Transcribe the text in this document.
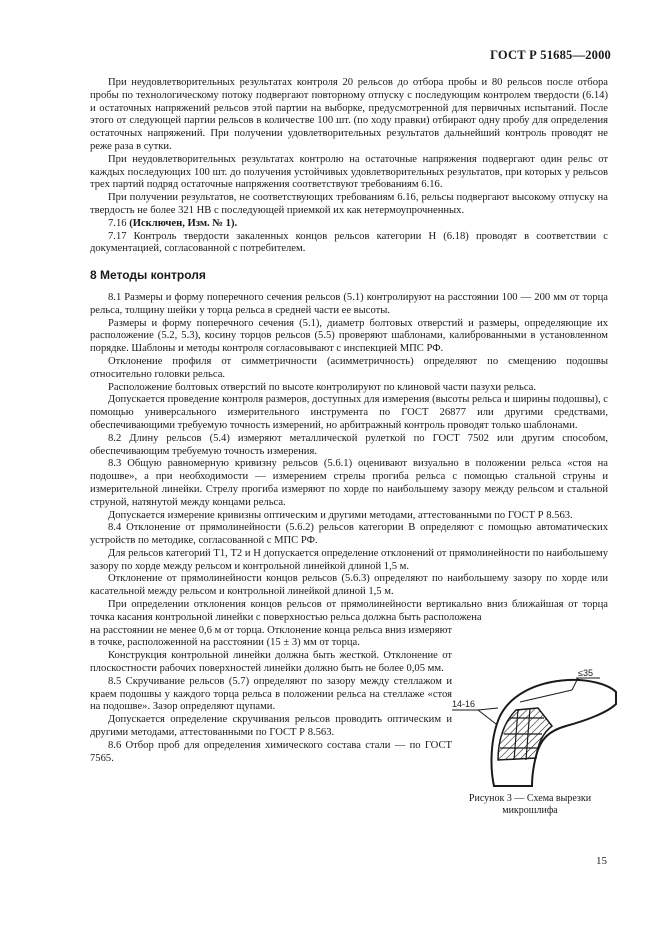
ГОСТ Р 51685—2000

При неудовлетворительных результатах контроля 20 рельсов до отбора пробы и 80 рельсов после отбора пробы по технологическому потоку подвергают повторному отпуску с последующим контролем твердости (6.14) и остаточных напряжений рельсов этой партии на выборке, предусмотренной для первичных испытаний. После этого от следующей партии рельсов в количестве 100 шт. (по ходу правки) отбирают одну пробу для определения остаточных напряжений. При получении удовлетворительных результатов дальнейший контроль проводят не реже раза в сутки.

При неудовлетворительных результатах контролю на остаточные напряжения подвергают один рельс от каждых последующих 100 шт. до получения устойчивых удовлетворительных результатов, при которых у рельсов трех партий подряд остаточные напряжения соответствуют требованиям 6.16.

При получении результатов, не соответствующих требованиям 6.16, рельсы подвергают высокому отпуску на твердость не более 321 HB с последующей приемкой их как нетермоупрочненных.

7.16 (Исключен, Изм. № 1).

7.17 Контроль твердости закаленных концов рельсов категории Н (6.18) проводят в соответствии с документацией, согласованной с потребителем.

8 Методы контроля

8.1 Размеры и форму поперечного сечения рельсов (5.1) контролируют на расстоянии 100 — 200 мм от торца рельса, толщину шейки у торца рельса в средней части ее высоты.

Размеры и форму поперечного сечения (5.1), диаметр болтовых отверстий и размеры, определяющие их расположение (5.2, 5.3), косину торцов рельсов (5.5) проверяют шаблонами, калиброванными в установленном порядке. Шаблоны и методы контроля согласовывают с инспекцией МПС РФ.

Отклонение профиля от симметричности (асимметричность) определяют по смещению подошвы относительно головки рельса.

Расположение болтовых отверстий по высоте контролируют по клиновой части пазухи рельса.

Допускается проведение контроля размеров, доступных для измерения (высоты рельса и ширины подошвы), с помощью универсального измерительного инструмента по ГОСТ 26877 или другими средствами, обеспечивающими требуемую точность измерений, но арбитражный контроль проводят только шаблонами.

8.2 Длину рельсов (5.4) измеряют металлической рулеткой по ГОСТ 7502 или другим способом, обеспечивающим требуемую точность измерения.

8.3 Общую равномерную кривизну рельсов (5.6.1) оценивают визуально в положении рельса «стоя на подошве», а при необходимости — измерением стрелы прогиба рельса с помощью стальной струны и измерительной линейки. Стрелу прогиба измеряют по хорде по наибольшему зазору между рельсом и стальной струной, натянутой между концами рельса.

Допускается измерение кривизны оптическим и другими методами, аттестованными по ГОСТ Р 8.563.

8.4 Отклонение от прямолинейности (5.6.2) рельсов категории В определяют с помощью автоматических устройств по методике, согласованной с МПС РФ.

Для рельсов категорий Т1, Т2 и Н допускается определение отклонений от прямолинейности по наибольшему зазору по хорде между рельсом и контрольной линейкой длиной 1,5 м.

Отклонение от прямолинейности концов рельсов (5.6.3) определяют по наибольшему зазору по хорде или касательной между рельсом и контрольной линейкой длиной 1,5 м.

При определении отклонения концов рельсов от прямолинейности вертикально вниз ближайшая от торца точка касания контрольной линейки с поверхностью рельса должна быть расположена

на расстоянии не менее 0,6 м от торца. Отклонение конца рельса вниз измеряют в точке, расположенной на расстоянии (15 ± 3) мм от торца.

Конструкция контрольной линейки должна быть жесткой. Отклонение от плоскостности рабочих поверхностей линейки должно быть не более 0,05 мм.

8.5 Скручивание рельсов (5.7) определяют по зазору между стеллажом и краем подошвы у каждого торца рельса в положении рельса на стеллаже «стоя на подошве». Зазор определяют щупами.

Допускается определение скручивания рельсов проводить оптическим и другими методами, аттестованными по ГОСТ Р 8.563.

8.6 Отбор проб для определения химического состава стали — по ГОСТ 7565.

≤35
14-16
Рисунок 3 — Схема вырезки микрошлифа
15
